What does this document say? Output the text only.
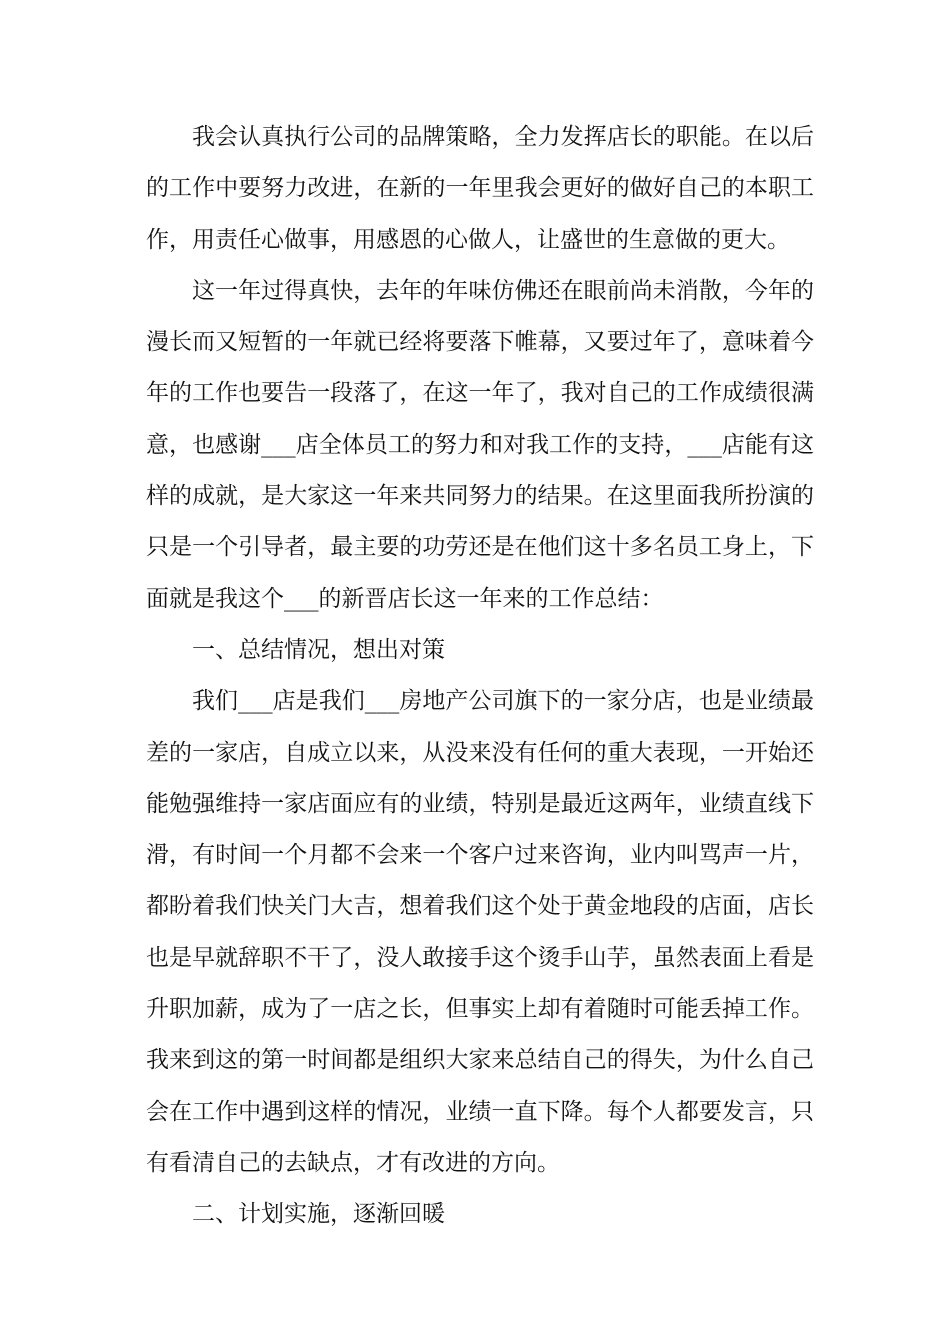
我会认真执行公司的品牌策略，全力发挥店长的职能。在以后的工作中要努力改进，在新的一年里我会更好的做好自己的本职工作，用责任心做事，用感恩的心做人，让盛世的生意做的更大。

这一年过得真快，去年的年味仿佛还在眼前尚未消散，今年的漫长而又短暂的一年就已经将要落下帷幕，又要过年了，意味着今年的工作也要告一段落了，在这一年了，我对自己的工作成绩很满意，也感谢___店全体员工的努力和对我工作的支持，___店能有这样的成就，是大家这一年来共同努力的结果。在这里面我所扮演的只是一个引导者，最主要的功劳还是在他们这十多名员工身上，下面就是我这个___的新晋店长这一年来的工作总结：

一、总结情况，想出对策

我们___店是我们___房地产公司旗下的一家分店，也是业绩最差的一家店，自成立以来，从没来没有任何的重大表现，一开始还能勉强维持一家店面应有的业绩，特别是最近这两年，业绩直线下滑，有时间一个月都不会来一个客户过来咨询，业内叫骂声一片，都盼着我们快关门大吉，想着我们这个处于黄金地段的店面，店长也是早就辞职不干了，没人敢接手这个烫手山芋，虽然表面上看是升职加薪，成为了一店之长，但事实上却有着随时可能丢掉工作。我来到这的第一时间都是组织大家来总结自己的得失，为什么自己会在工作中遇到这样的情况，业绩一直下降。每个人都要发言，只有看清自己的去缺点，才有改进的方向。

二、计划实施，逐渐回暖
